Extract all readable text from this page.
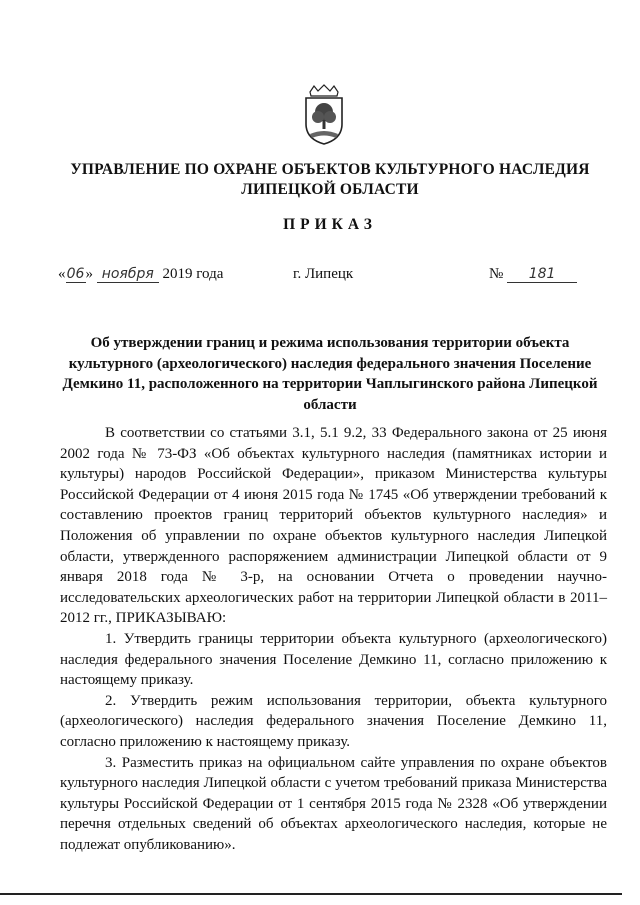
УПРАВЛЕНИЕ ПО ОХРАНЕ ОБЪЕКТОВ КУЛЬТУРНОГО НАСЛЕДИЯ
ЛИПЕЦКОЙ ОБЛАСТИ
ПРИКАЗ
«06» ноября 2019 года	г. Липецк	№ 181
Об утверждении границ и режима использования территории объекта культурного (археологического) наследия федерального значения Поселение Демкино 11, расположенного на территории Чаплыгинского района Липецкой области

В соответствии со статьями 3.1, 5.1 9.2, 33 Федерального закона от 25 июня 2002 года № 73-ФЗ «Об объектах культурного наследия (памятниках истории и культуры) народов Российской Федерации», приказом Министерства культуры Российской Федерации от 4 июня 2015 года № 1745 «Об утверждении требований к составлению проектов границ территорий объектов культурного наследия» и Положения об управлении по охране объектов культурного наследия Липецкой области, утвержденного распоряжением администрации Липецкой области от 9 января 2018 года № 3-р, на основании Отчета о проведении научно-исследовательских археологических работ на территории Липецкой области в 2011–2012 гг., ПРИКАЗЫВАЮ:

1. Утвердить границы территории объекта культурного (археологического) наследия федерального значения Поселение Демкино 11, согласно приложению к настоящему приказу.

2. Утвердить режим использования территории, объекта культурного (археологического) наследия федерального значения Поселение Демкино 11, согласно приложению к настоящему приказу.

3. Разместить приказ на официальном сайте управления по охране объектов культурного наследия Липецкой области с учетом требований приказа Министерства культуры Российской Федерации от 1 сентября 2015 года № 2328 «Об утверждении перечня отдельных сведений об объектах археологического наследия, которые не подлежат опубликованию».
